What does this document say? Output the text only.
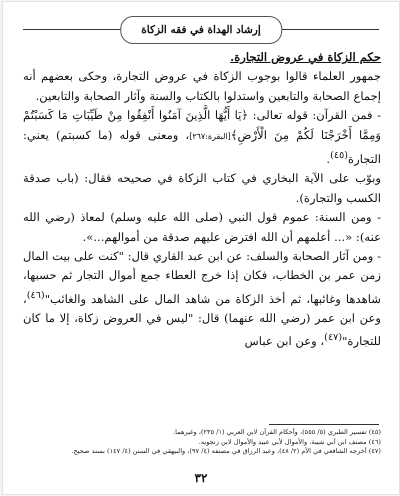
إرشاد الهداة في فقه الزكاة

حكم الزكاة في عروض التجارة.

جمهور العلماء قالوا بوجوب الزكاة في عروض التجارة، وحكى بعضهم أنه إجماع الصحابة والتابعين واستدلوا بالكتاب والسنة وآثار الصحابة والتابعين.

- فمن القرآن: قوله تعالى: ﴿يَا أَيُّهَا الَّذِينَ آمَنُوا أَنْفِقُوا مِنْ طَيِّبَاتِ مَا كَسَبْتُمْ وَمِمَّا أَخْرَجْنَا لَكُمْ مِنَ الْأَرْضِ﴾[البقرة:٢٦٧]، ومعنى قوله (ما كسبتم) يعني: التجارة$^{(٤٥)}$.

وبوّب على الآية البخاري في كتاب الزكاة في صحيحه فقال: (باب صدقة الكسب والتجارة).

- ومن السنة: عموم قول النبي (صلى الله عليه وسلم) لمعاذ (رضي الله عنه): «... أعلمهم أن الله افترض عليهم صدقة من أموالهم...».

- ومن آثار الصحابة والسلف: عن ابن عبد القاري قال: "كنت على بيت المال زمن عمر بن الخطاب، فكان إذا خرج العطاء جمع أموال التجار ثم حسبها، شاهدها وغائبها، ثم أخذ الزكاة من شاهد المال على الشاهد والغائب"$^{(٤٦)}$، وعن ابن عمر (رضي الله عنهما) قال: "ليس في العروض زكاة، إلا ما كان للتجارة"$^{(٤٧)}$، وعن ابن عباس

(٤٥) تفسير الطبري (٥/ ٥٥٥)، وأحكام القرآن لابن العربي (١/ ٢٣٥)، وغيرهما.

(٤٦) مصنف ابن أبي شيبة، والأموال لأبي عبيد والأموال لابن زنجويه.

(٤٧) أخرجه الشافعي في الأم (٢/ ٤٨)، وعبد الرزاق في مصنفه (٤/ ٩٧)، والبيهقي في السنن (٤/ ١٤٧) بسند صحيح.

٣٢
